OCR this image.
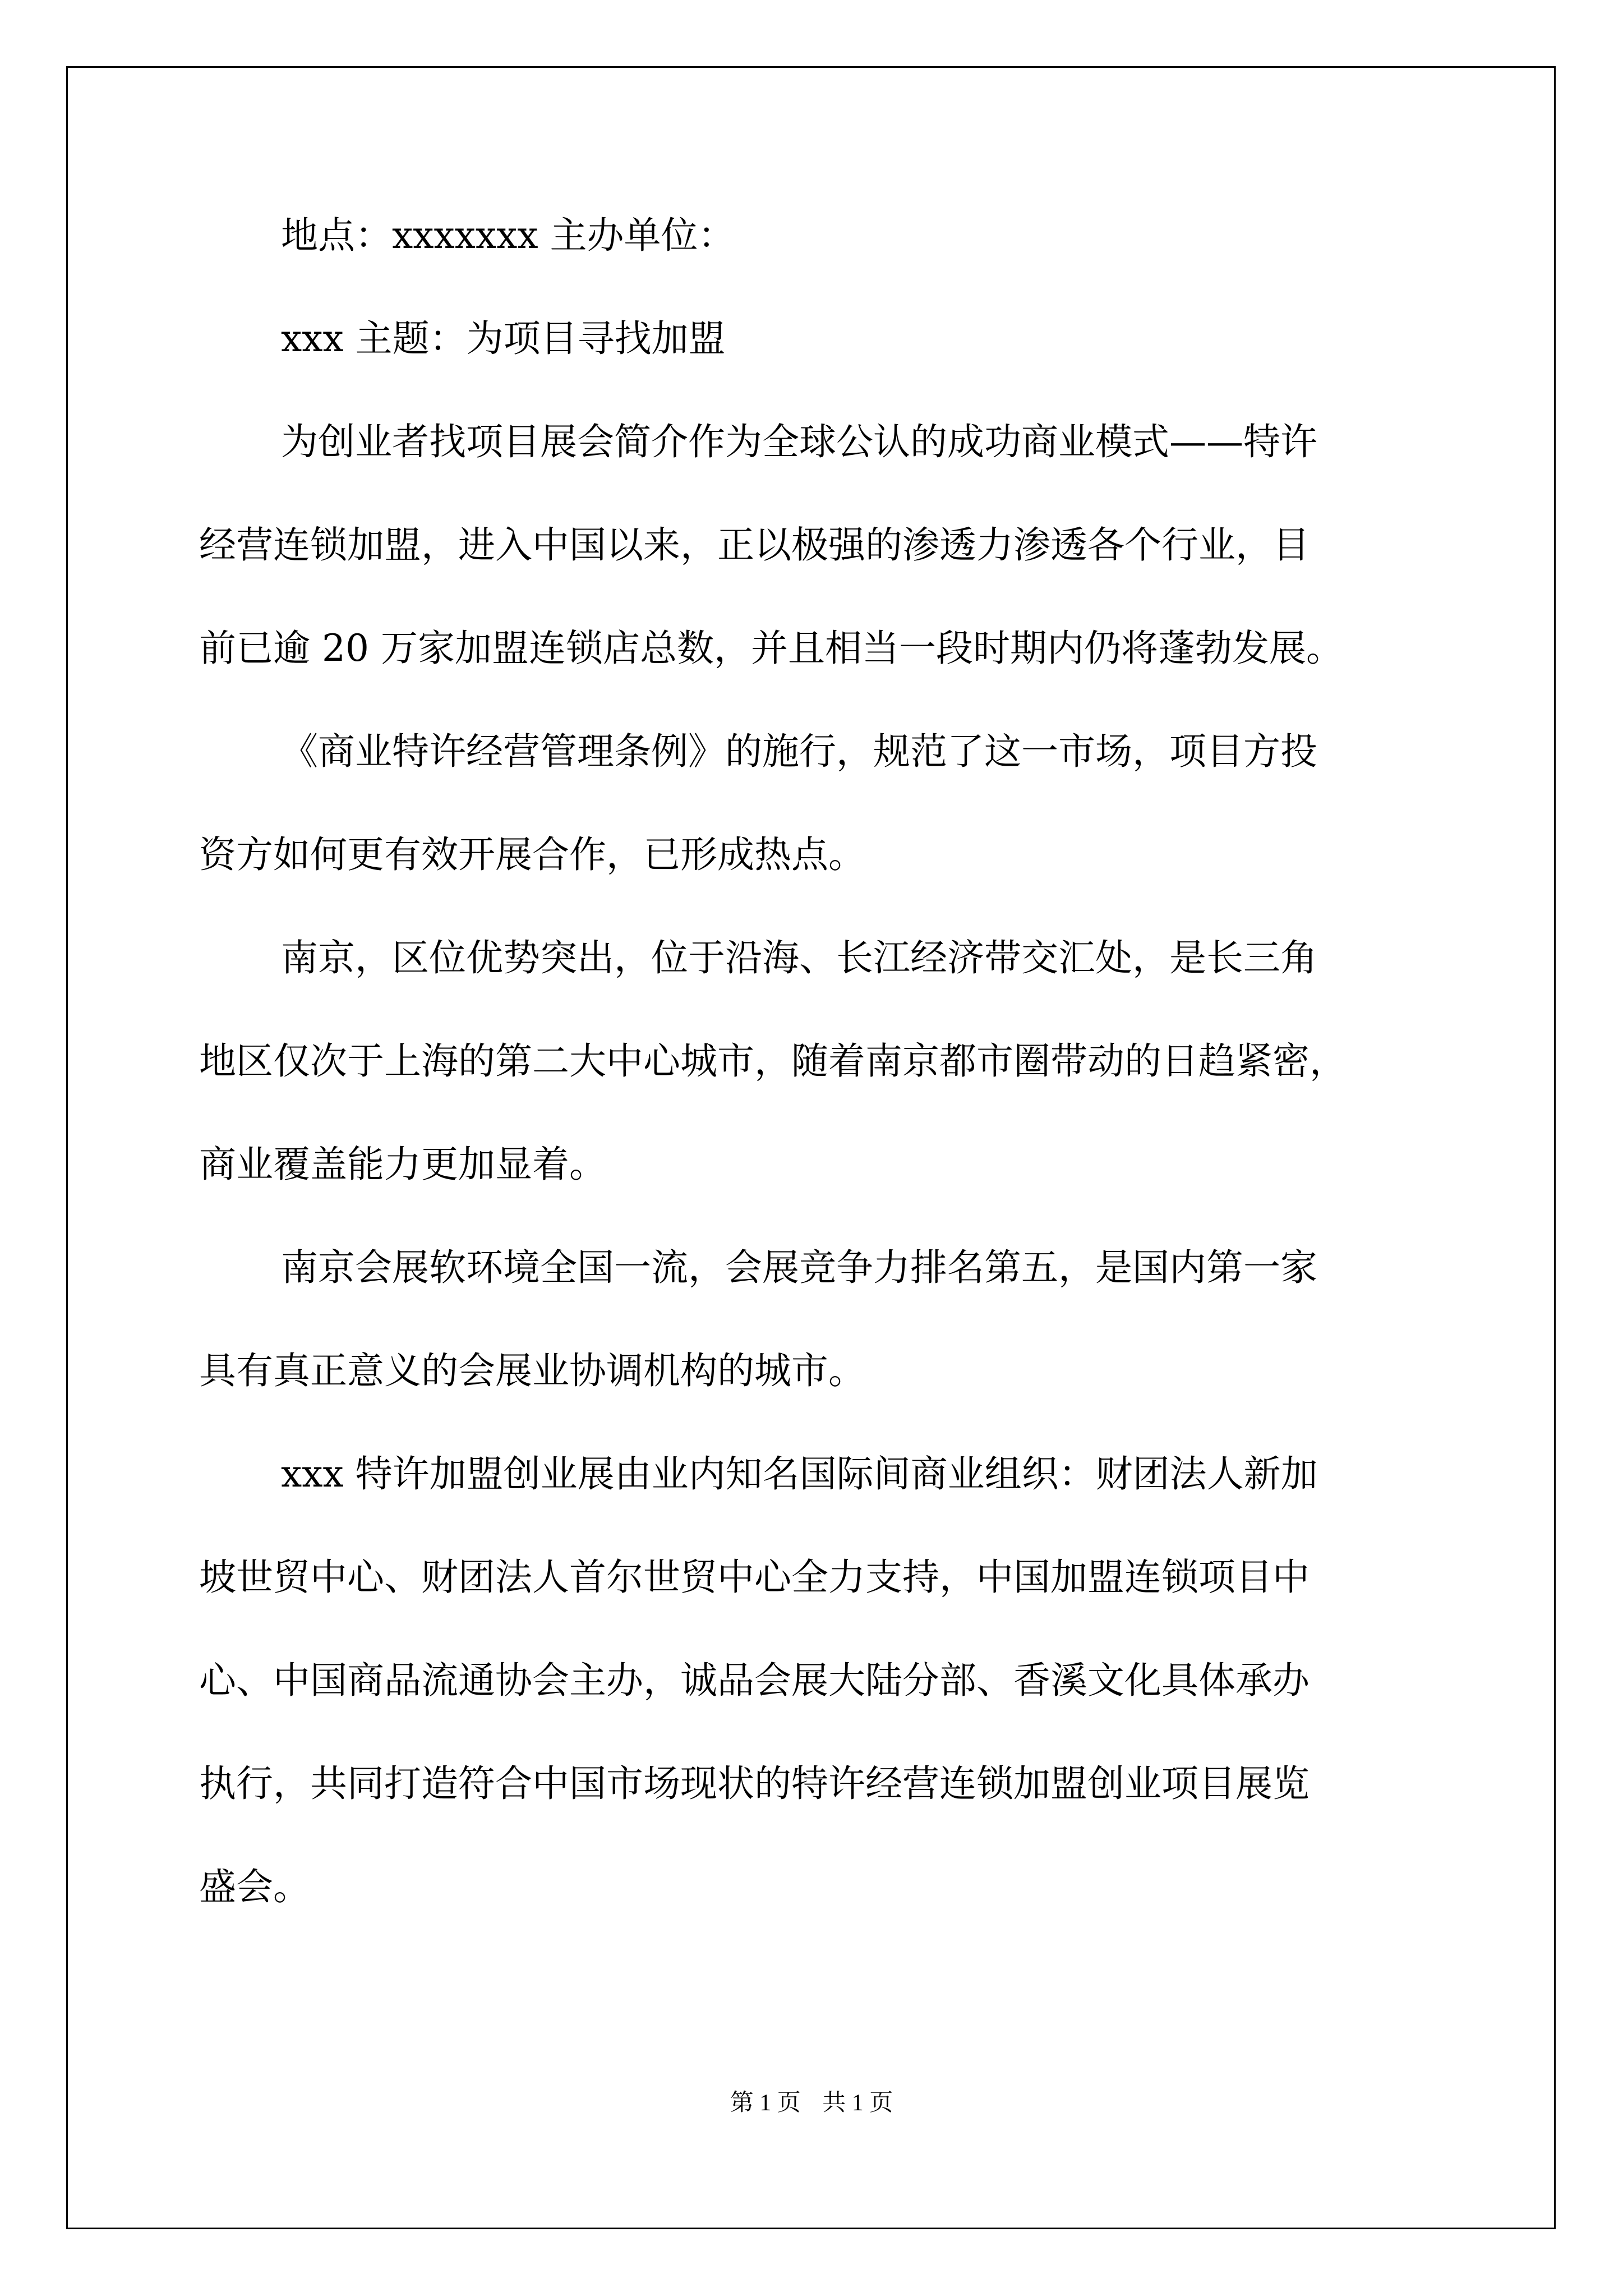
地点：xxxxxxx 主办单位：
xxx 主题：为项目寻找加盟
为创业者找项目展会简介作为全球公认的成功商业模式——特许
经营连锁加盟，进入中国以来，正以极强的渗透力渗透各个行业，目
前已逾 20 万家加盟连锁店总数，并且相当一段时期内仍将蓬勃发展。
《商业特许经营管理条例》的施行，规范了这一市场，项目方投
资方如何更有效开展合作，已形成热点。
南京，区位优势突出，位于沿海、长江经济带交汇处，是长三角
地区仅次于上海的第二大中心城市，随着南京都市圈带动的日趋紧密，
商业覆盖能力更加显着。
南京会展软环境全国一流，会展竞争力排名第五，是国内第一家
具有真正意义的会展业协调机构的城市。
xxx 特许加盟创业展由业内知名国际间商业组织：财团法人新加
坡世贸中心、财团法人首尔世贸中心全力支持，中国加盟连锁项目中
心、中国商品流通协会主办，诚品会展大陆分部、香溪文化具体承办
执行，共同打造符合中国市场现状的特许经营连锁加盟创业项目展览
盛会。
第 1 页 共 1 页
